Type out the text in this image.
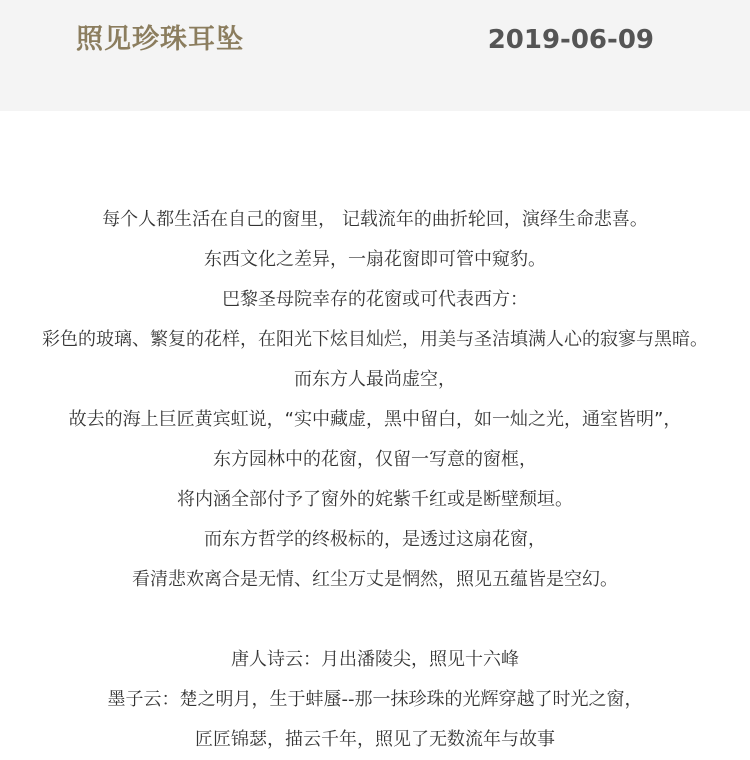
照见珍珠耳坠	2019-06-09
每个人都生活在自己的窗里， 记载流年的曲折轮回，演绎生命悲喜。
东西文化之差异，一扇花窗即可管中窥豹。
巴黎圣母院幸存的花窗或可代表西方：
彩色的玻璃、繁复的花样，在阳光下炫目灿烂，用美与圣洁填满人心的寂寥与黑暗。
而东方人最尚虚空，
故去的海上巨匠黄宾虹说，“实中藏虚，黑中留白，如一灿之光，通室皆明”，
东方园林中的花窗，仅留一写意的窗框，
将内涵全部付予了窗外的姹紫千红或是断壁颓垣。
而东方哲学的终极标的，是透过这扇花窗，
看清悲欢离合是无情、红尘万丈是惘然，照见五蕴皆是空幻。
唐人诗云：月出潘陵尖，照见十六峰
墨子云：楚之明月，生于蚌蜃--那一抹珍珠的光辉穿越了时光之窗，
匠匠锦瑟，描云千年，照见了无数流年与故事
